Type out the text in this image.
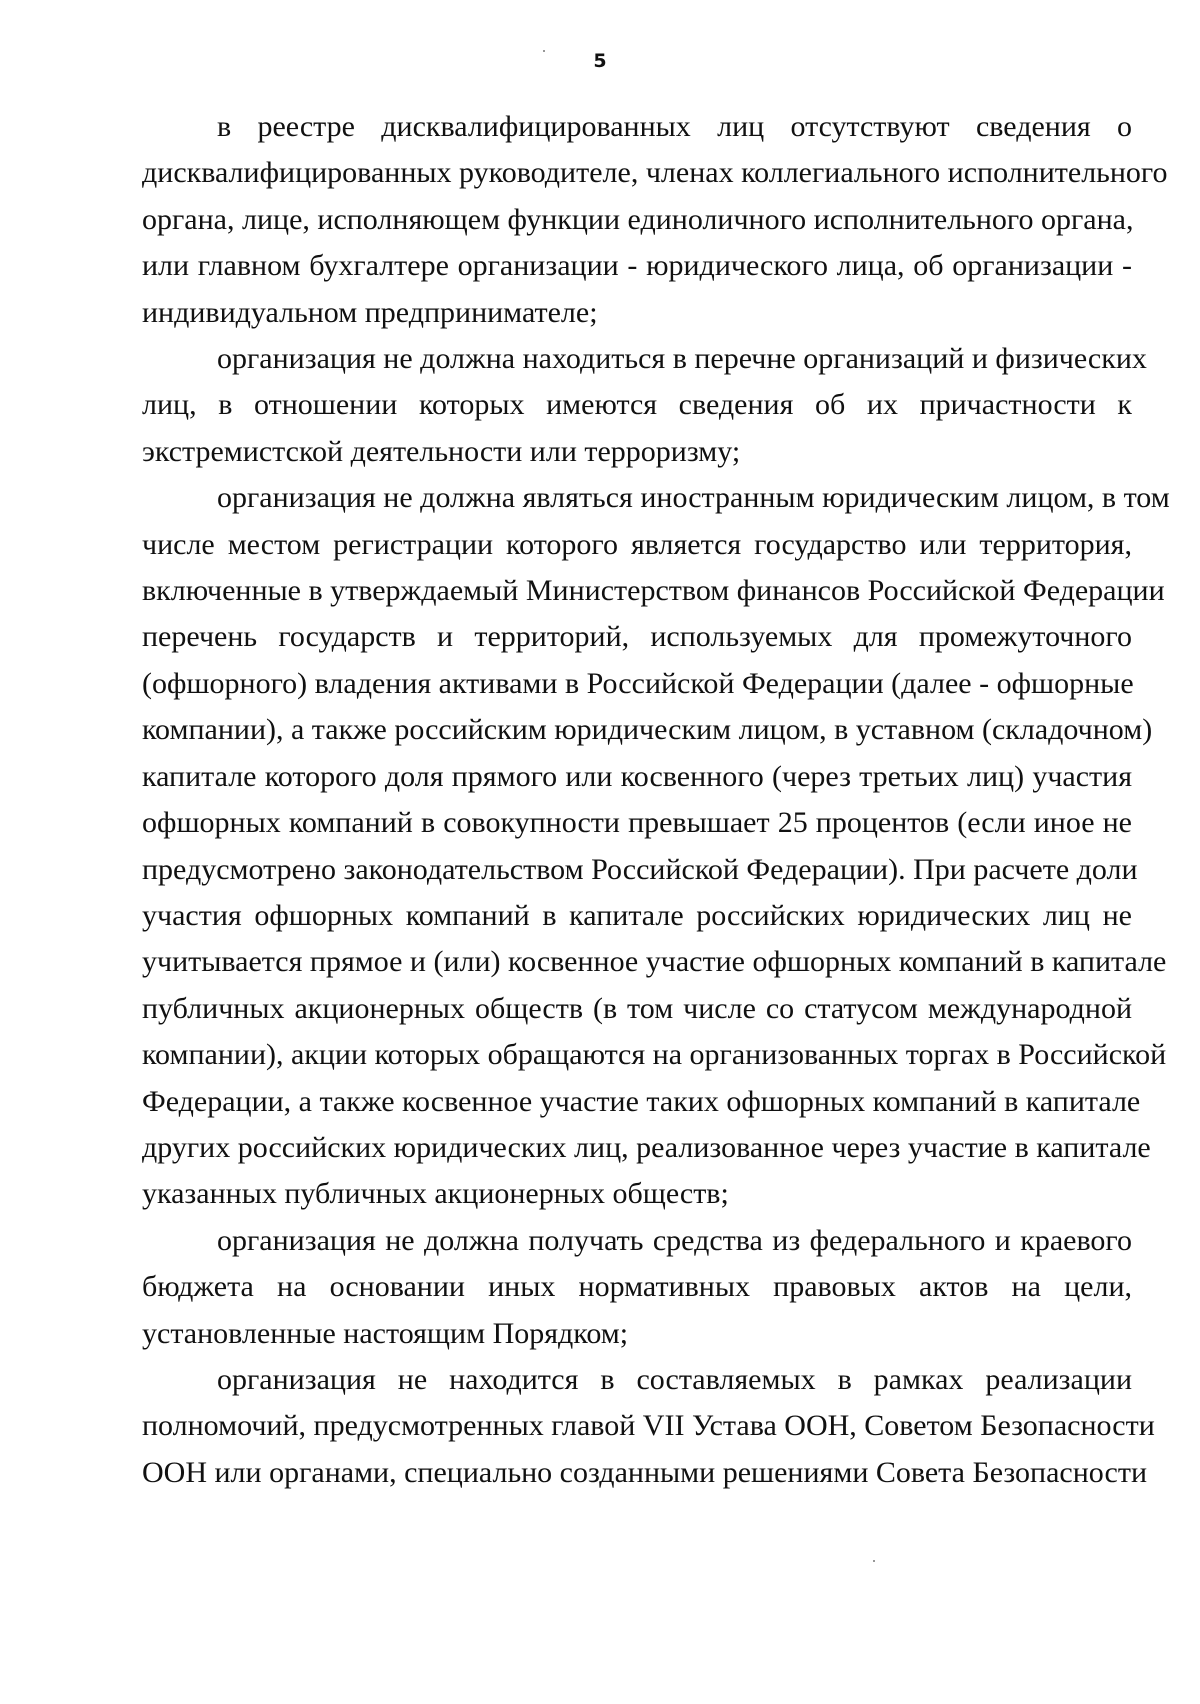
5
в реестре дисквалифицированных лиц отсутствуют сведения о
дисквалифицированных руководителе, членах коллегиального исполнительного
органа, лице, исполняющем функции единоличного исполнительного органа,
или главном бухгалтере организации - юридического лица, об организации -
индивидуальном предпринимателе;
организация не должна находиться в перечне организаций и физических
лиц, в отношении которых имеются сведения об их причастности к
экстремистской деятельности или терроризму;
организация не должна являться иностранным юридическим лицом, в том
числе местом регистрации которого является государство или территория,
включенные в утверждаемый Министерством финансов Российской Федерации
перечень государств и территорий, используемых для промежуточного
(офшорного) владения активами в Российской Федерации (далее - офшорные
компании), а также российским юридическим лицом, в уставном (складочном)
капитале которого доля прямого или косвенного (через третьих лиц) участия
офшорных компаний в совокупности превышает 25 процентов (если иное не
предусмотрено законодательством Российской Федерации). При расчете доли
участия офшорных компаний в капитале российских юридических лиц не
учитывается прямое и (или) косвенное участие офшорных компаний в капитале
публичных акционерных обществ (в том числе со статусом международной
компании), акции которых обращаются на организованных торгах в Российской
Федерации, а также косвенное участие таких офшорных компаний в капитале
других российских юридических лиц, реализованное через участие в капитале
указанных публичных акционерных обществ;
организация не должна получать средства из федерального и краевого
бюджета на основании иных нормативных правовых актов на цели,
установленные настоящим Порядком;
организация не находится в составляемых в рамках реализации
полномочий, предусмотренных главой VII Устава ООН, Советом Безопасности
ООН или органами, специально созданными решениями Совета Безопасности
